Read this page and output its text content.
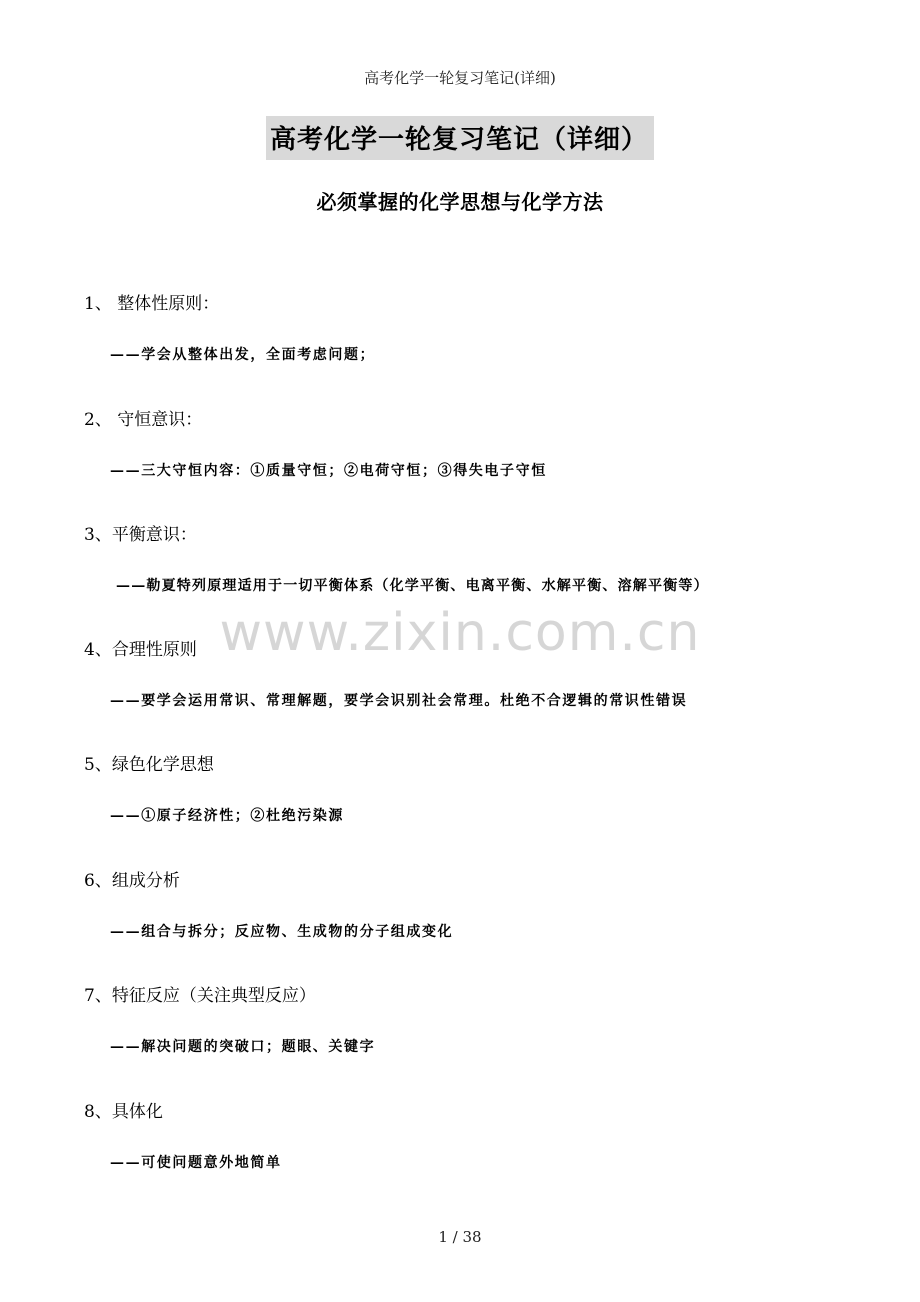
高考化学一轮复习笔记(详细)
高考化学一轮复习笔记（详细）
必须掌握的化学思想与化学方法
1、 整体性原则：
——学会从整体出发，全面考虑问题；
2、 守恒意识：
——三大守恒内容：①质量守恒；②电荷守恒；③得失电子守恒
3、平衡意识：
——勒夏特列原理适用于一切平衡体系（化学平衡、电离平衡、水解平衡、溶解平衡等）
www.zixin.com.cn
4、合理性原则
——要学会运用常识、常理解题，要学会识别社会常理。杜绝不合逻辑的常识性错误
5、绿色化学思想
——①原子经济性；②杜绝污染源
6、组成分析
——组合与拆分；反应物、生成物的分子组成变化
7、特征反应（关注典型反应）
——解决问题的突破口；题眼、关键字
8、具体化
——可使问题意外地简单
1 / 38
